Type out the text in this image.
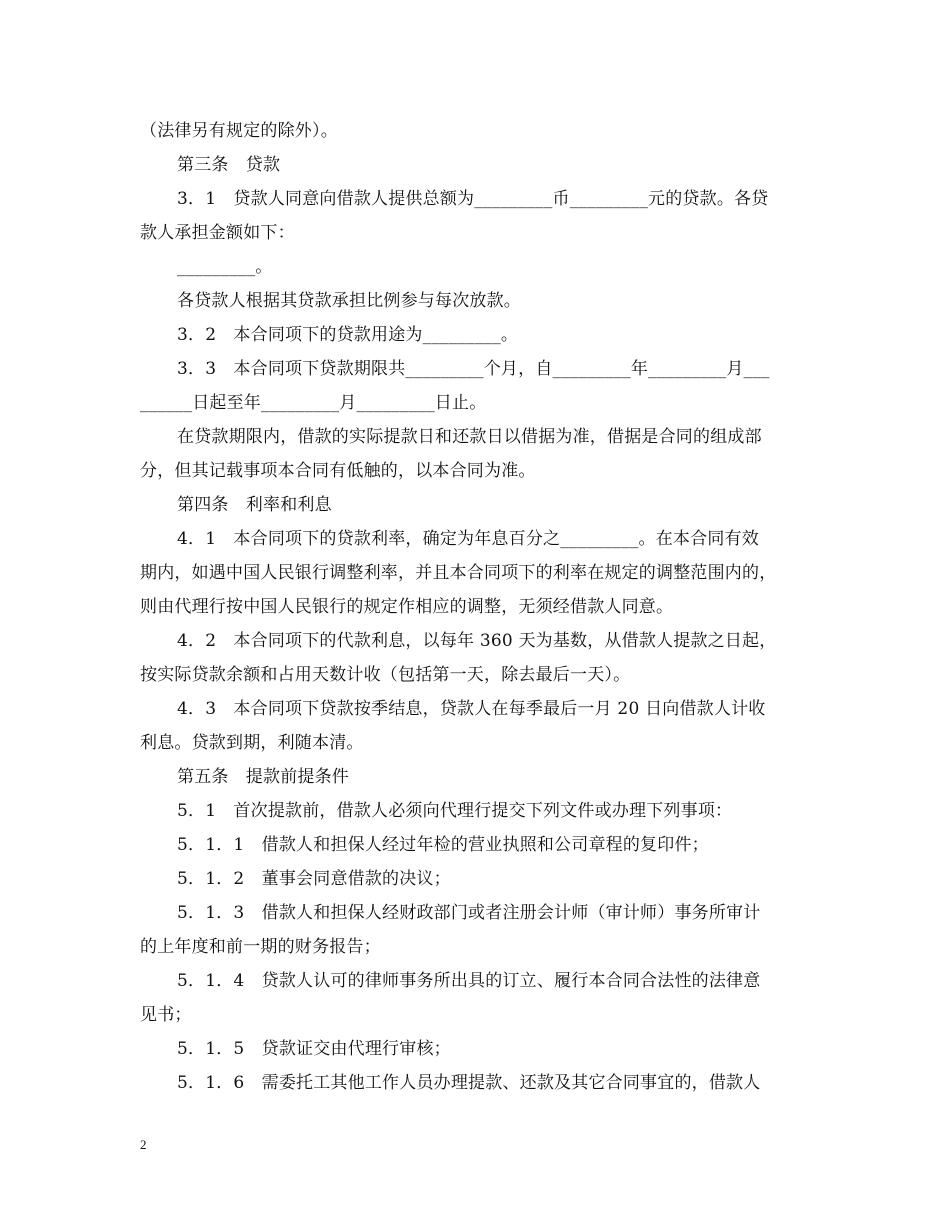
（法律另有规定的除外）。
第三条　贷款
3．1　贷款人同意向借款人提供总额为_________币_________元的贷款。各贷
款人承担金额如下：
_________。
各贷款人根据其贷款承担比例参与每次放款。
3．2　本合同项下的贷款用途为_________。
3．3　本合同项下贷款期限共_________个月，自_________年_________月___
______日起至年_________月_________日止。
在贷款期限内，借款的实际提款日和还款日以借据为准，借据是合同的组成部
分，但其记载事项本合同有低触的，以本合同为准。
第四条　利率和利息
4．1　本合同项下的贷款利率，确定为年息百分之_________。在本合同有效
期内，如遇中国人民银行调整利率，并且本合同项下的利率在规定的调整范围内的，
则由代理行按中国人民银行的规定作相应的调整，无须经借款人同意。
4．2　本合同项下的代款利息，以每年 360 天为基数，从借款人提款之日起，
按实际贷款余额和占用天数计收（包括第一天，除去最后一天）。
4．3　本合同项下贷款按季结息，贷款人在每季最后一月 20 日向借款人计收
利息。贷款到期，利随本清。
第五条　提款前提条件
5．1　首次提款前，借款人必须向代理行提交下列文件或办理下列事项：
5．1．1　借款人和担保人经过年检的营业执照和公司章程的复印件；
5．1．2　董事会同意借款的决议；
5．1．3　借款人和担保人经财政部门或者注册会计师（审计师）事务所审计
的上年度和前一期的财务报告；
5．1．4　贷款人认可的律师事务所出具的订立、履行本合同合法性的法律意
见书；
5．1．5　贷款证交由代理行审核；
5．1．6　需委托工其他工作人员办理提款、还款及其它合同事宜的，借款人
2
